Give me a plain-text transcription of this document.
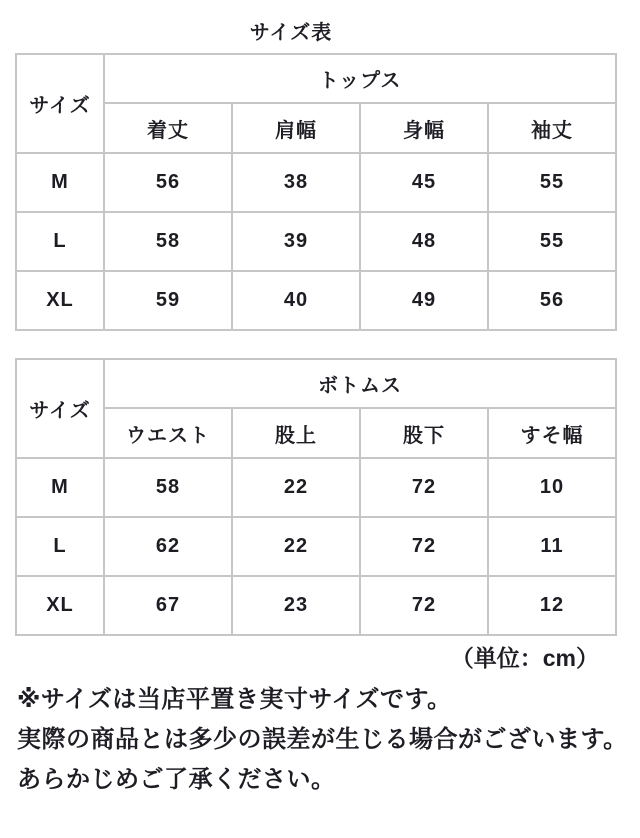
サイズ表
サイズ	トップス			
	着丈	肩幅	身幅	袖丈
M	56	38	45	55
L	58	39	48	55
XL	59	40	49	56
サイズ	ボトムス			
	ウエスト	股上	股下	すそ幅
M	58	22	72	10
L	62	22	72	11
XL	67	23	72	12
（単位：cm）

※サイズは当店平置き実寸サイズです。

実際の商品とは多少の誤差が生じる場合がございます。

あらかじめご了承ください。
